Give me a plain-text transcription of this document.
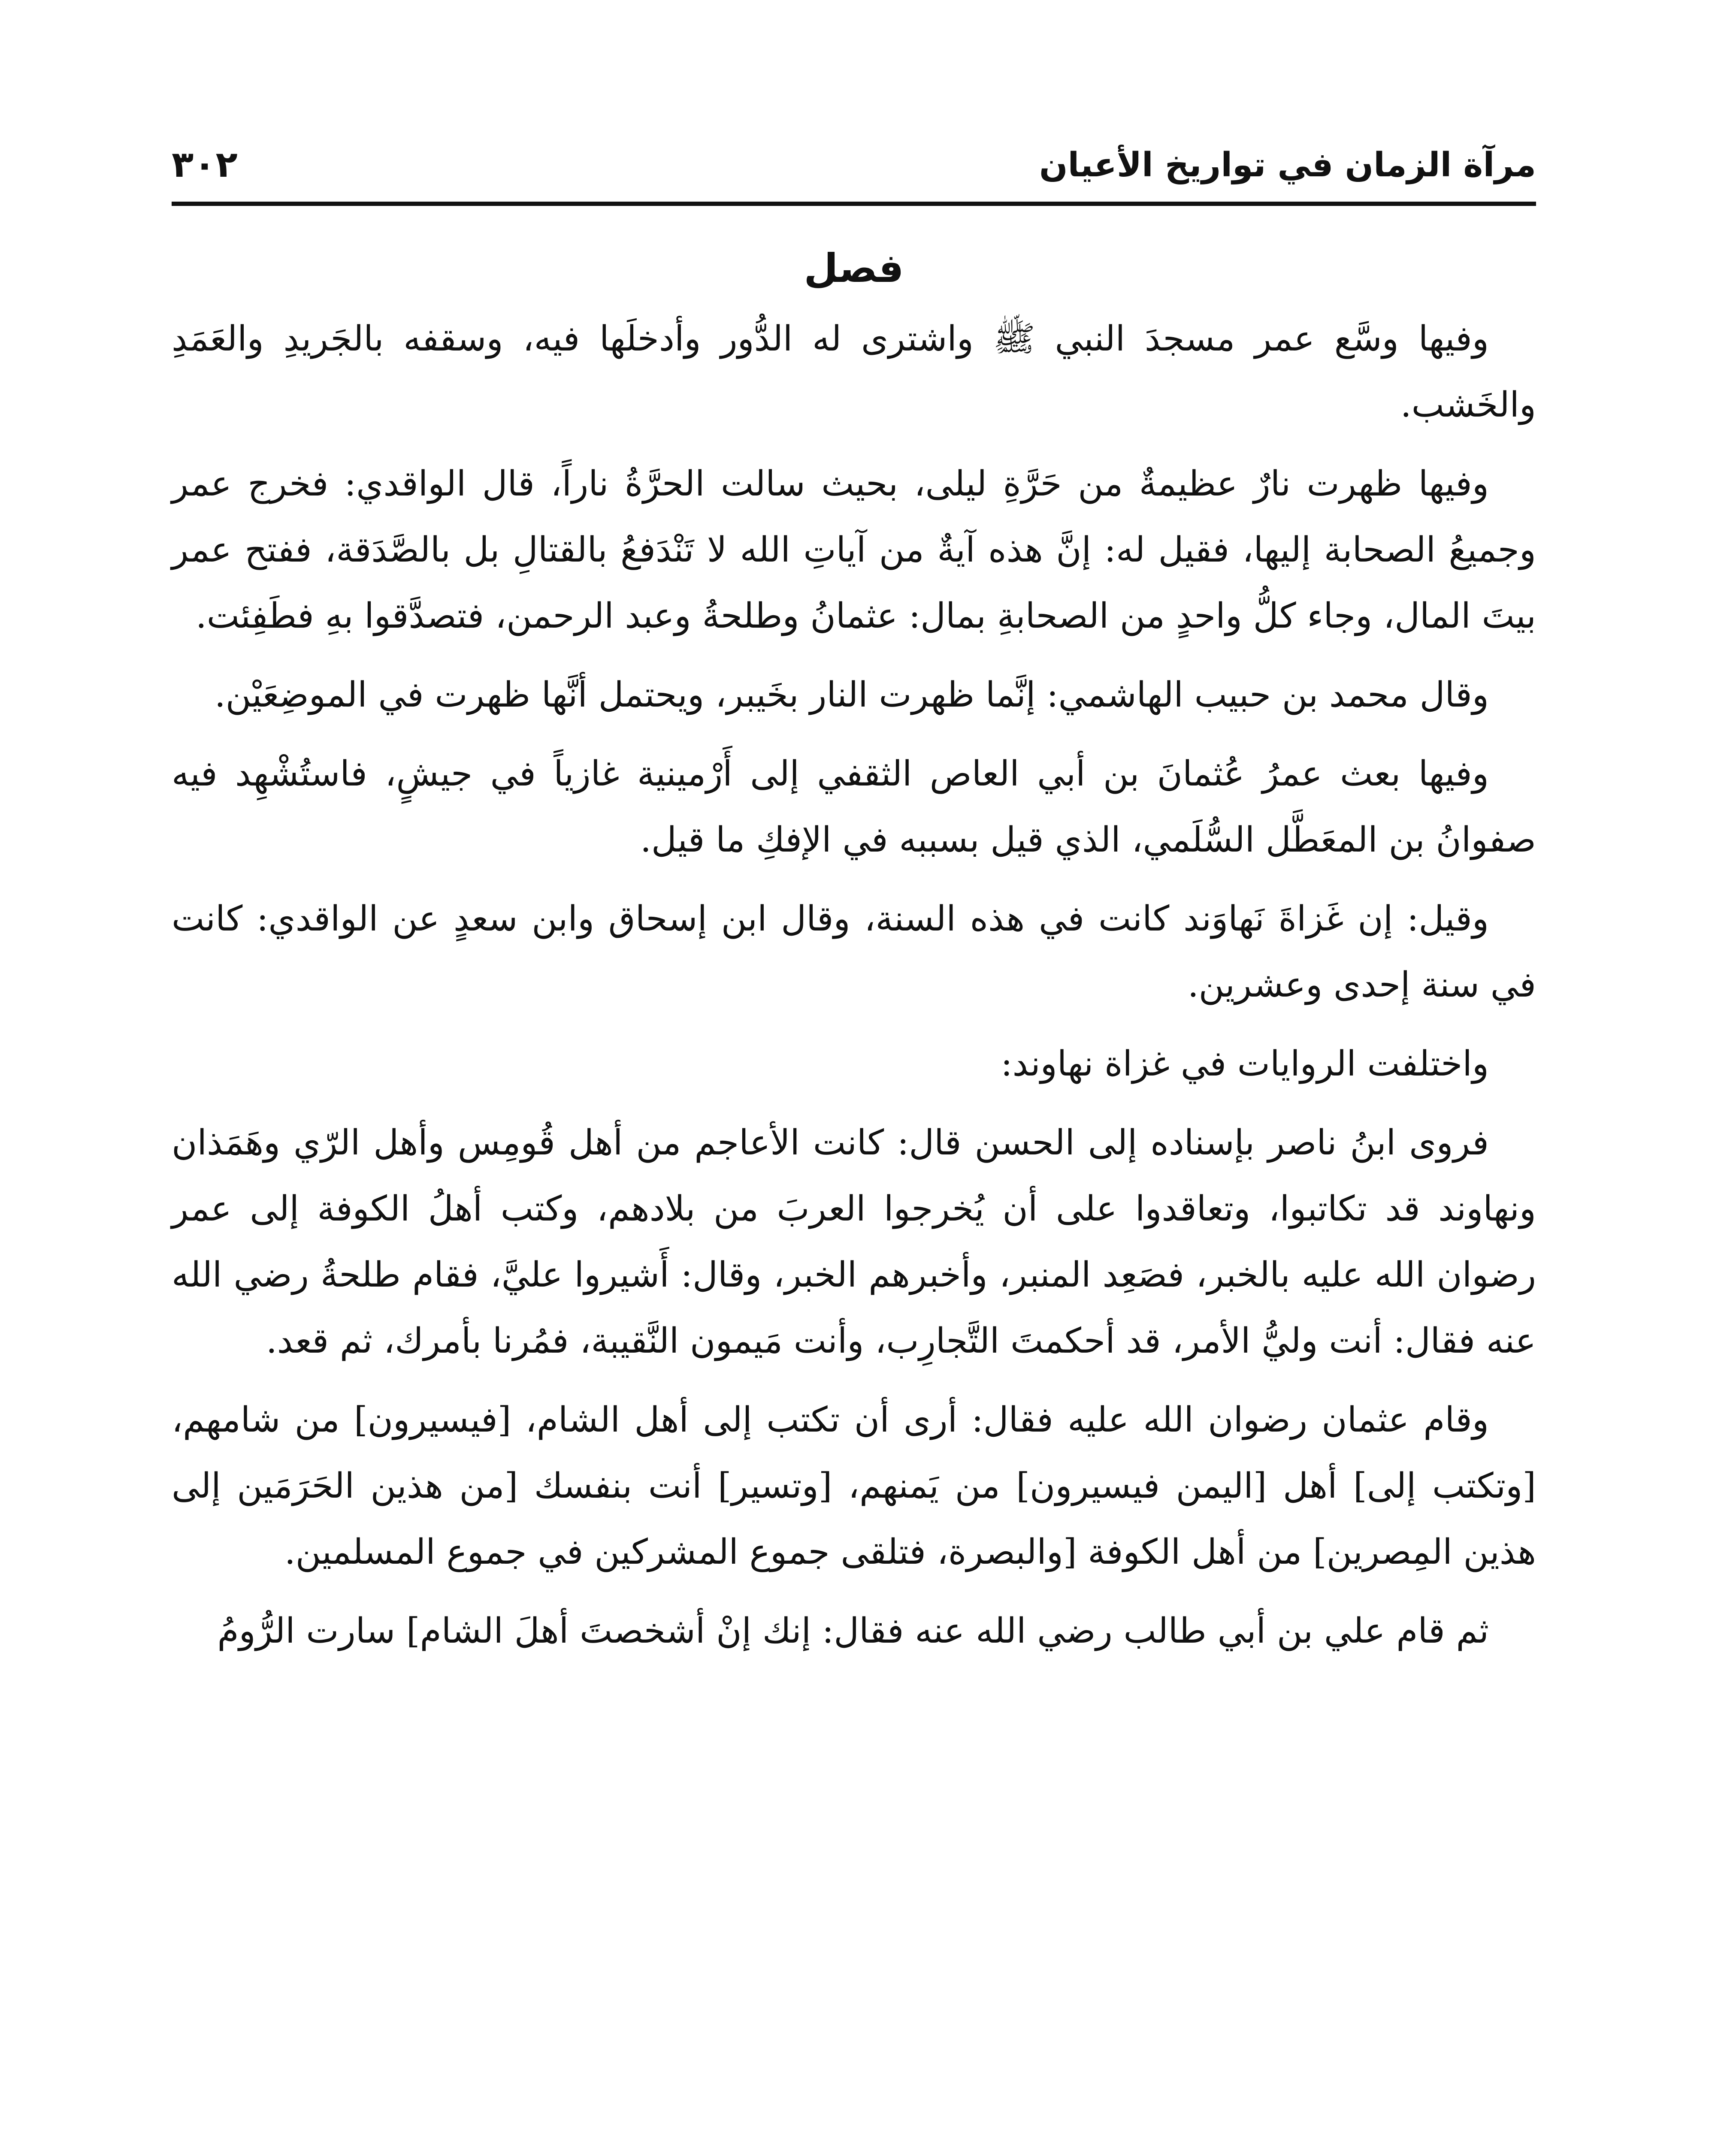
مرآة الزمان في تواريخ الأعيان
٣٠٢
فصل

وفيها وسَّع عمر مسجدَ النبي ﷺ واشترى له الدُّور وأدخلَها فيه، وسقفه بالجَريدِ والعَمَدِ والخَشب.

وفيها ظهرت نارٌ عظيمةٌ من حَرَّةِ ليلى، بحيث سالت الحرَّةُ ناراً، قال الواقدي: فخرج عمر وجميعُ الصحابة إليها، فقيل له: إنَّ هذه آيةٌ من آياتِ الله لا تَنْدَفعُ بالقتالِ بل بالصَّدَقة، ففتح عمر بيتَ المال، وجاء كلُّ واحدٍ من الصحابةِ بمال: عثمانُ وطلحةُ وعبد الرحمن، فتصدَّقوا بهِ فطَفِئت.

وقال محمد بن حبيب الهاشمي: إنَّما ظهرت النار بخَيبر، ويحتمل أنَّها ظهرت في الموضِعَيْن.

وفيها بعث عمرُ عُثمانَ بن أبي العاص الثقفي إلى أَرْمينية غازياً في جيشٍ، فاستُشْهِد فيه صفوانُ بن المعَطَّل السُّلَمي، الذي قيل بسببه في الإفكِ ما قيل.

وقيل: إن غَزاةَ نَهاوَند كانت في هذه السنة، وقال ابن إسحاق وابن سعدٍ عن الواقدي: كانت في سنة إحدى وعشرين.

واختلفت الروايات في غزاة نهاوند:

فروى ابنُ ناصر بإسناده إلى الحسن قال: كانت الأعاجم من أهل قُومِس وأهل الرّي وهَمَذان ونهاوند قد تكاتبوا، وتعاقدوا على أن يُخرجوا العربَ من بلادهم، وكتب أهلُ الكوفة إلى عمر رضوان الله عليه بالخبر، فصَعِد المنبر، وأخبرهم الخبر، وقال: أَشيروا عليَّ، فقام طلحةُ رضي الله عنه فقال: أنت وليُّ الأمر، قد أحكمتَ التَّجارِب، وأنت مَيمون النَّقيبة، فمُرنا بأمرك، ثم قعد.

وقام عثمان رضوان الله عليه فقال: أرى أن تكتب إلى أهل الشام، [فيسيرون] من شامهم، [وتكتب إلى] أهل [اليمن فيسيرون] من يَمنهم، [وتسير] أنت بنفسك [من هذين الحَرَمَين إلى هذين المِصرين] من أهل الكوفة [والبصرة، فتلقى جموع المشركين في جموع المسلمين.

ثم قام علي بن أبي طالب رضي الله عنه فقال: إنك إنْ أشخصتَ أهلَ الشام] سارت الرُّومُ
